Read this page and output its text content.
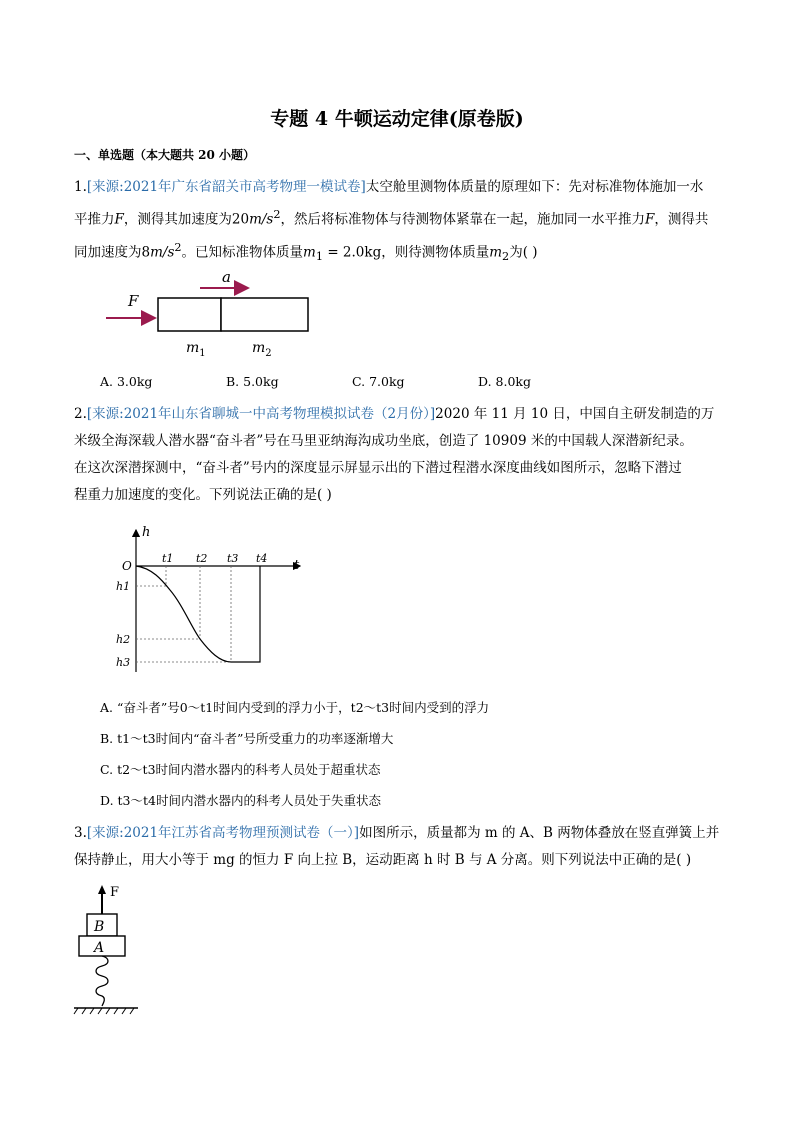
专题 4 牛顿运动定律(原卷版)
一、单选题（本大题共 20 小题）
1.[来源:2021年广东省韶关市高考物理一模试卷]太空舱里测物体质量的原理如下：先对标准物体施加一水
平推力F，测得其加速度为$20m/s^2$，然后将标准物体与待测物体紧靠在一起，施加同一水平推力F，测得共
同加速度为$8m/s^2$。已知标准物体质量$m_1 = 2.0kg$，则待测物体质量$m_2$为( )
F
a
$m_1$	$m_2$
A. 3.0kg	B. 5.0kg	C. 7.0kg	D. 8.0kg
2.[来源:2021年山东省聊城一中高考物理模拟试卷（2月份）]2020 年 11 月 10 日，中国自主研发制造的万
米级全海深载人潜水器“奋斗者”号在马里亚纳海沟成功坐底，创造了 10909 米的中国载人深潜新纪录。
在这次深潜探测中，“奋斗者”号内的深度显示屏显示出的下潜过程潜水深度曲线如图所示，忽略下潜过
程重力加速度的变化。下列说法正确的是( )
h
t
O
t1 t2 t3 t4
h1
h2
h3
A. “奋斗者”号0～t1时间内受到的浮力小于，t2～t3时间内受到的浮力
B. t1～t3时间内“奋斗者”号所受重力的功率逐渐增大
C. t2～t3时间内潜水器内的科考人员处于超重状态
D. t3～t4时间内潜水器内的科考人员处于失重状态
3.[来源:2021年江苏省高考物理预测试卷（一）]如图所示，质量都为 m 的 A、B 两物体叠放在竖直弹簧上并
保持静止，用大小等于 mg 的恒力 F 向上拉 B，运动距离 h 时 B 与 A 分离。则下列说法中正确的是( )
F
B
A
